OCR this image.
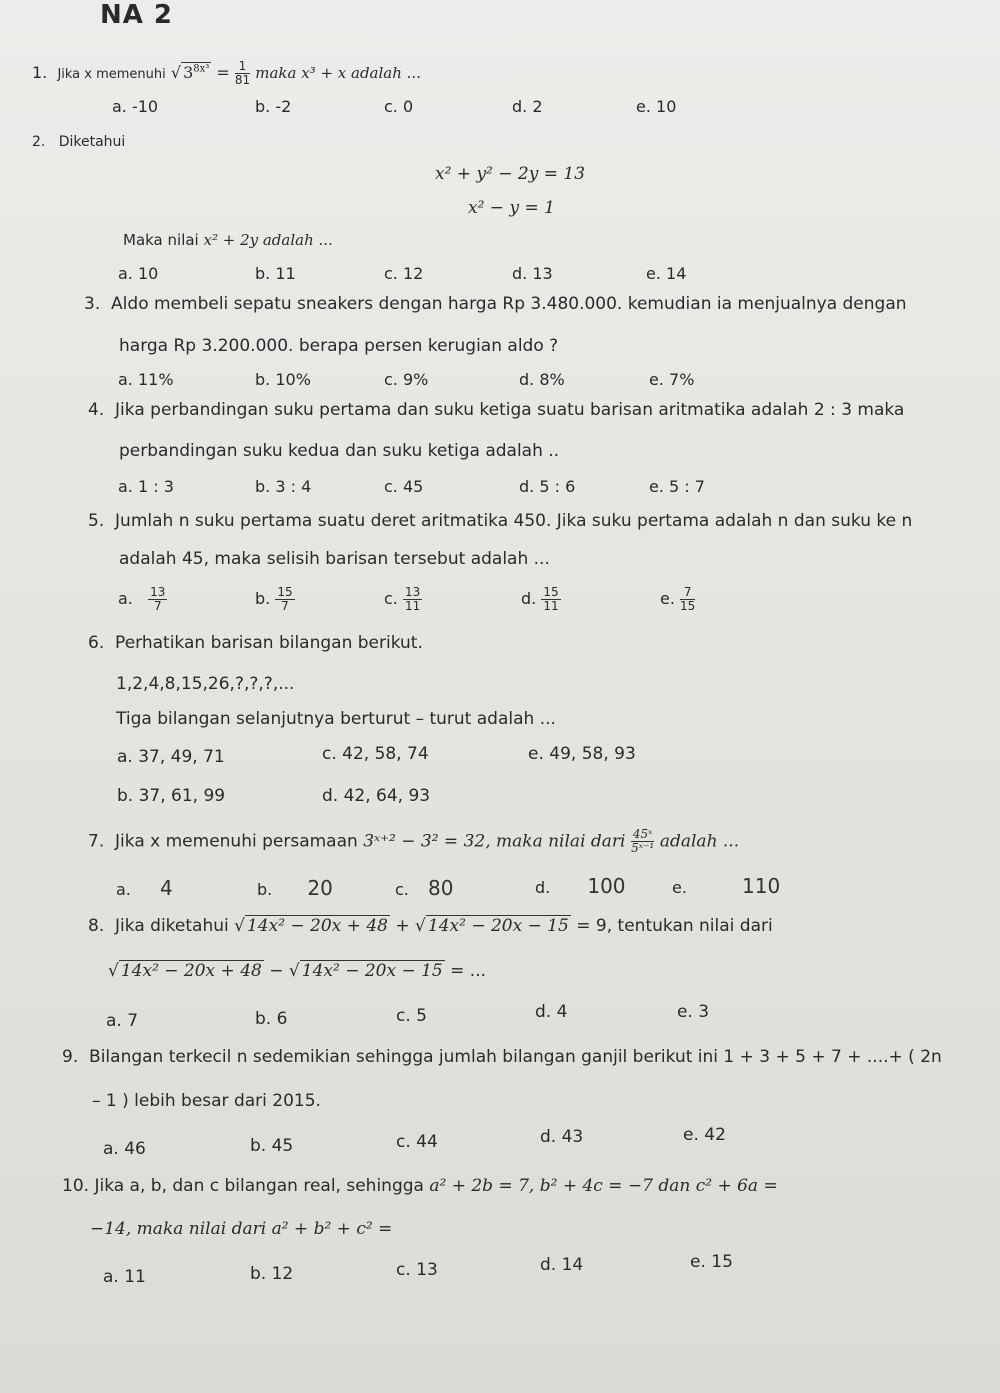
NA 2
1. Jika x memenuhi √ $3^{8x^3} = \frac{1}{81}$ maka x³ + x adalah ...
a. -10	b. -2	c. 0	d. 2	e. 10
2. Diketahui
x² + y² − 2y = 13
x² − y = 1
Maka nilai x² + 2y adalah ...
a. 10	b. 11	c. 12	d. 13	e. 14
3. Aldo membeli sepatu sneakers dengan harga Rp 3.480.000. kemudian ia menjualnya dengan
harga Rp 3.200.000. berapa persen kerugian aldo ?
a. 11%	b. 10%	c. 9%	d. 8%	e. 7%
4. Jika perbandingan suku pertama dan suku ketiga suatu barisan aritmatika adalah 2 : 3 maka
perbandingan suku kedua dan suku ketiga adalah ..
a. 1 : 3	b. 3 : 4	c. 45	d. 5 : 6	e. 5 : 7
5. Jumlah n suku pertama suatu deret aritmatika 450. Jika suku pertama adalah n dan suku ke n
adalah 45, maka selisih barisan tersebut adalah ...
a. $\frac{13}{7}$	b. $\frac{15}{7}$	c. $\frac{13}{11}$	d. $\frac{15}{11}$	e. $\frac{7}{15}$
6. Perhatikan barisan bilangan berikut.
1,2,4,8,15,26,?,?,?,...
Tiga bilangan selanjutnya berturut – turut adalah ...
a. 37, 49, 71	c. 42, 58, 74	e. 49, 58, 93
b. 37, 61, 99	d. 42, 64, 93
7. Jika x memenuhi persamaan 3ˣ⁺² − 3² = 32, maka nilai dari $\frac{\text{45ˣ}}{\text{5ˣ⁻¹}}$ adalah ...
a. 4	b. 20	c. 80	d. 100	e.	110
8. Jika diketahui √ 14x² − 20x + 48 + √ 14x² − 20x − 15 = 9, tentukan nilai dari
√ 14x² − 20x + 48 − √ 14x² − 20x − 15 = ...
a. 7	b. 6	c. 5	d. 4	e. 3
9. Bilangan terkecil n sedemikian sehingga jumlah bilangan ganjil berikut ini 1 + 3 + 5 + 7 + ....+ ( 2n
– 1 ) lebih besar dari 2015.
a. 46	b. 45	c. 44	d. 43	e. 42
10. Jika a, b, dan c bilangan real, sehingga a² + 2b = 7, b² + 4c = −7 dan c² + 6a =
−14, maka nilai dari a² + b² + c² =
a. 11	b. 12	c. 13	d. 14	e. 15
